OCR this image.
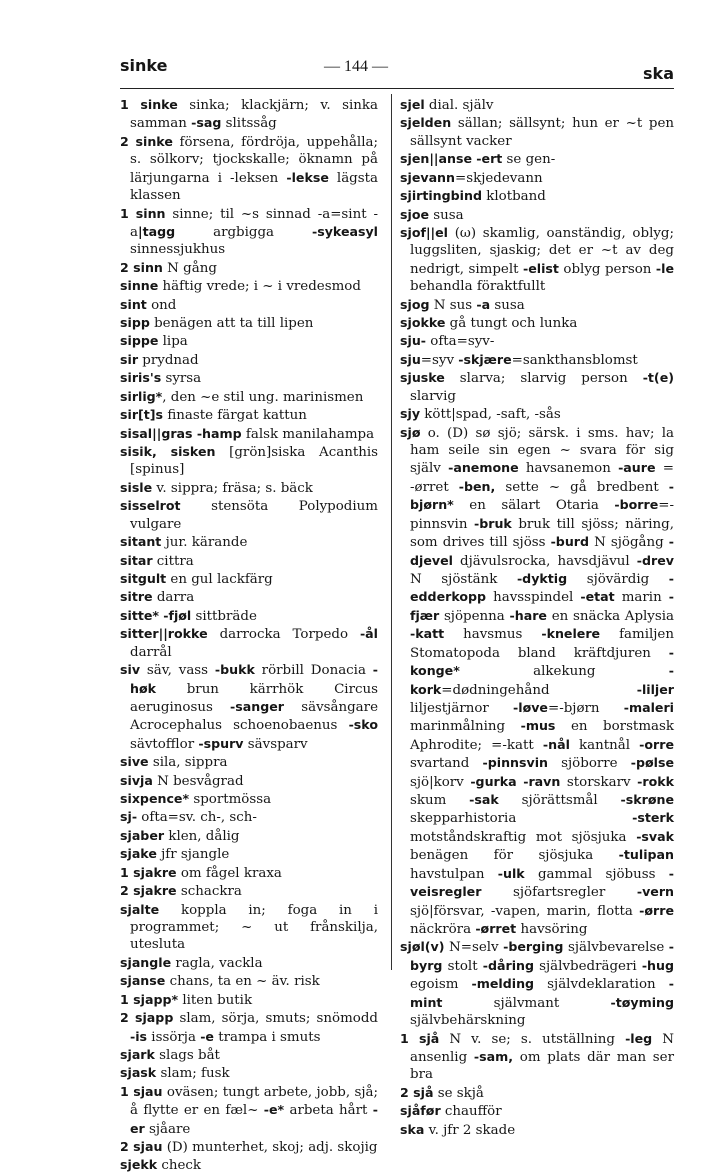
sinke	— 144 —	ska

1 sinke sinka; klackjärn; v. sinka samman -sag slitssåg

2 sinke försena, fördröja, uppehålla; s. sölkorv; tjockskalle; öknamn på lärjungarna i -leksen -lekse lägsta klassen

1 sinn sinne; til ~s sinnad -a=sint -a|tagg argbigga -sykeasyl sinnessjukhus

2 sinn N gång

sinne häftig vrede; i ~ i vredesmod

sint ond

sipp benägen att ta till lipen

sippe lipa

sir prydnad

siris's syrsa

sirlig*, den ~e stil ung. marinismen

sir[t]s finaste färgat kattun

sisal||gras -hamp falsk manilahampa

sisik, sisken [grön]siska Acanthis [spinus]

sisle v. sippra; fräsa; s. bäck

sisselrot stensöta Polypodium vulgare

sitant jur. kärande

sitar cittra

sitgult en gul lackfärg

sitre darra

sitte* -fjøl sittbräde

sitter||rokke darrocka Torpedo -ål darrål

siv säv, vass -bukk rörbill Donacia -høk brun kärrhök Circus aeruginosus -sanger sävsångare Acrocephalus schoenobaenus -sko sävtofflor -spurv sävsparv

sive sila, sippra

sivja N besvågrad

sixpence* sportmössa

sj- ofta=sv. ch-, sch-

sjaber klen, dålig

sjake jfr sjangle

1 sjakre om fågel kraxa

2 sjakre schackra

sjalte koppla in; foga in i programmet; ~ ut frånskilja, utesluta

sjangle ragla, vackla

sjanse chans, ta en ~ äv. risk

1 sjapp* liten butik

2 sjapp slam, sörja, smuts; snömodd -is issörja -e trampa i smuts

sjark slags båt

sjask slam; fusk

1 sjau oväsen; tungt arbete, jobb, sjå; å flytte er en fæl~ -e* arbeta hårt -er sjåare

2 sjau (D) munterhet, skoj; adj. skojig

sjekk check

sjel dial. själv

sjelden sällan; sällsynt; hun er ~t pen sällsynt vacker

sjen||anse -ert se gen-

sjevann=skjedevann

sjirtingbind klotband

sjoe susa

sjof||el (ω) skamlig, oanständig, oblyg; luggsliten, sjaskig; det er ~t av deg nedrigt, simpelt -elist oblyg person -le behandla föraktfullt

sjog N sus -a susa

sjokke gå tungt och lunka

sju- ofta=syv-

sju=syv -skjære=sankthansblomst

sjuske slarva; slarvig person -t(e) slarvig

sjy kött|spad, -saft, -sås

sjø o. (D) sø sjö; särsk. i sms. hav; la ham seile sin egen ~ svara för sig själv -anemone havsanemon -aure = -ørret -ben, sette ~ gå bredbent -bjørn* en sälart Otaria -borre=-pinnsvin -bruk bruk till sjöss; näring, som drives till sjöss -burd N sjögång -djevel djävulsrocka, havsdjävul -drev N sjöstänk -dyktig sjövärdig -edderkopp havsspindel -etat marin -fjær sjöpenna -hare en snäcka Aplysia -katt havsmus -knelere familjen Stomatopoda bland kräftdjuren -konge* alkekung -kork=dødningehånd -liljer liljestjärnor -løve=-bjørn -maleri marinmålning -mus en borstmask Aphrodite; =-katt -nål kantnål -orre svartand -pinnsvin sjöborre -pølse sjö|korv -gurka -ravn storskarv -rokk skum -sak sjörättsmål -skrøne skepparhistoria -sterk motståndskraftig mot sjösjuka -svak benägen för sjösjuka -tulipan havstulpan -ulk gammal sjöbuss -veisregler sjöfartsregler -vern sjö|försvar, -vapen, marin, flotta -ørre näckröra -ørret havsöring

sjøl(v) N=selv -berging självbevarelse -byrg stolt -dåring självbedrägeri -hug egoism -melding självdeklaration -mint självmant -tøyming självbehärskning

1 sjå N v. se; s. utställning -leg N ansenlig -sam, om plats där man ser bra

2 sjå se skjå

sjåfør chaufför

ska v. jfr 2 skade
